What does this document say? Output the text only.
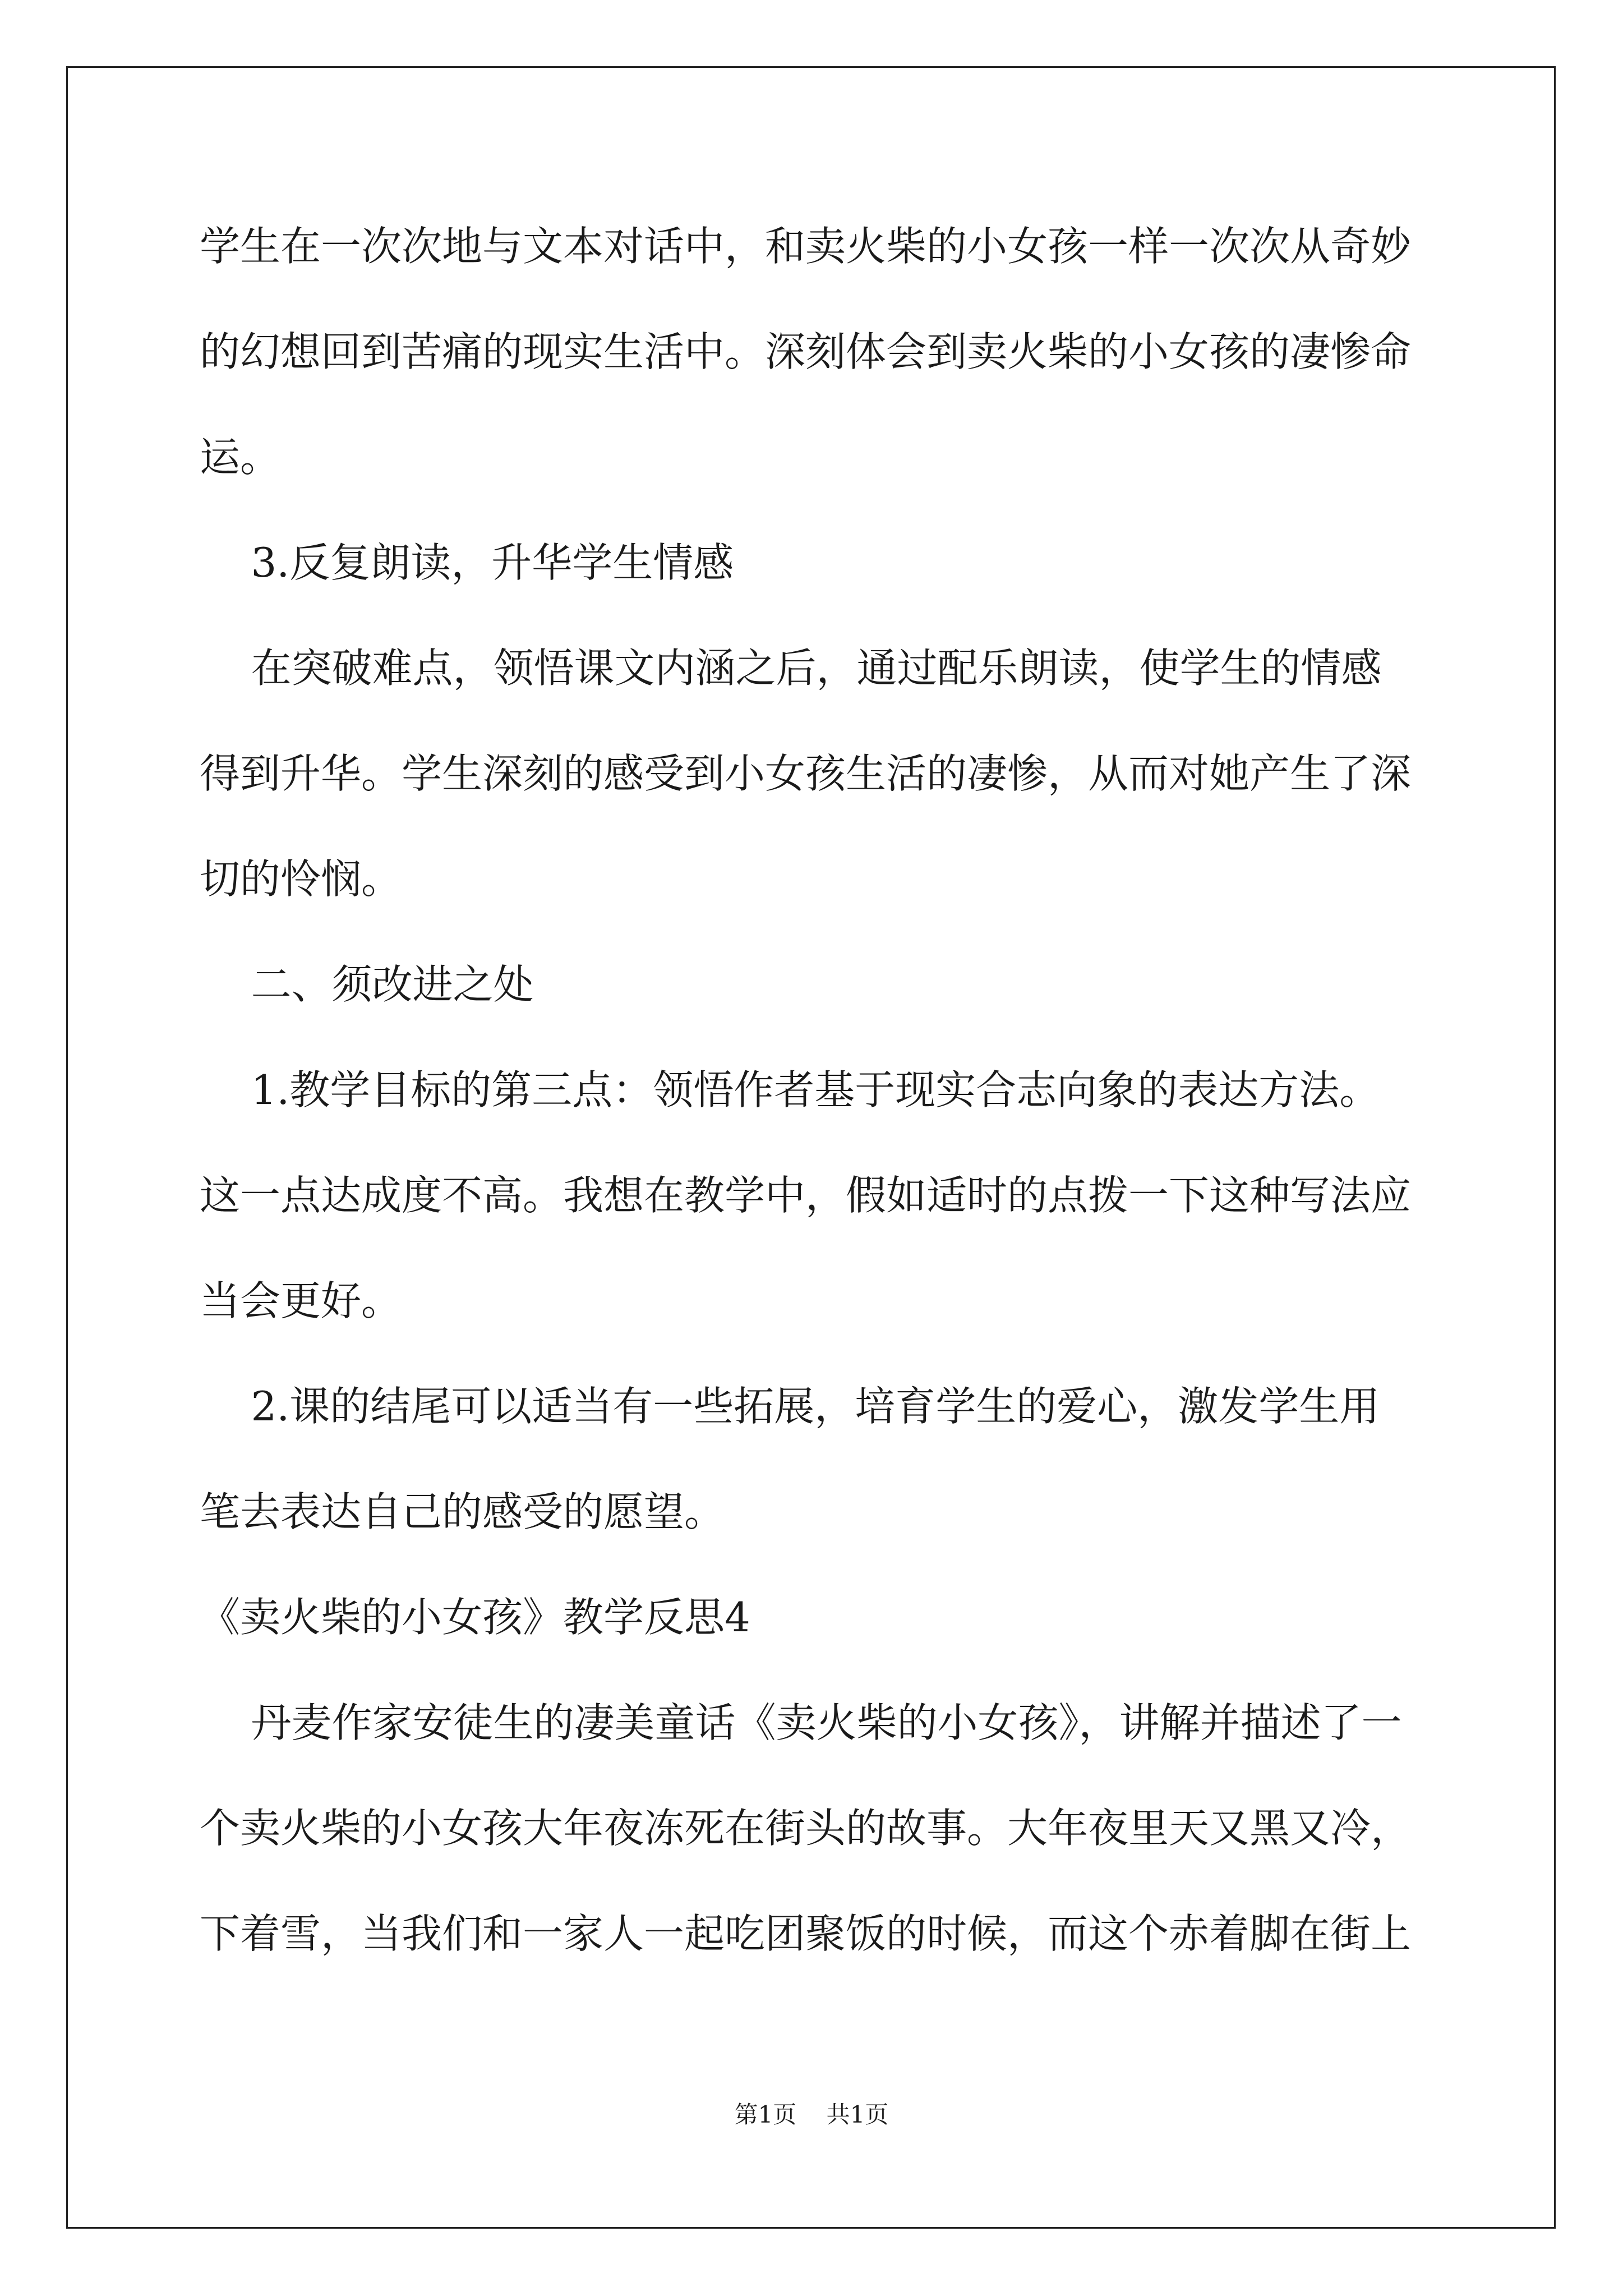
学生在一次次地与文本对话中，和卖火柴的小女孩一样一次次从奇妙
的幻想回到苦痛的现实生活中。深刻体会到卖火柴的小女孩的凄惨命
运。
3.反复朗读，升华学生情感
在突破难点，领悟课文内涵之后，通过配乐朗读，使学生的情感
得到升华。学生深刻的感受到小女孩生活的凄惨，从而对她产生了深
切的怜悯。
二、须改进之处
1.教学目标的第三点：领悟作者基于现实合志向象的表达方法。
这一点达成度不高。我想在教学中，假如适时的点拨一下这种写法应
当会更好。
2.课的结尾可以适当有一些拓展，培育学生的爱心，激发学生用
笔去表达自己的感受的愿望。
《卖火柴的小女孩》教学反思4
丹麦作家安徒生的凄美童话《卖火柴的小女孩》，讲解并描述了一
个卖火柴的小女孩大年夜冻死在街头的故事。大年夜里天又黑又冷，
下着雪，当我们和一家人一起吃团聚饭的时候，而这个赤着脚在街上
第1页    共1页
